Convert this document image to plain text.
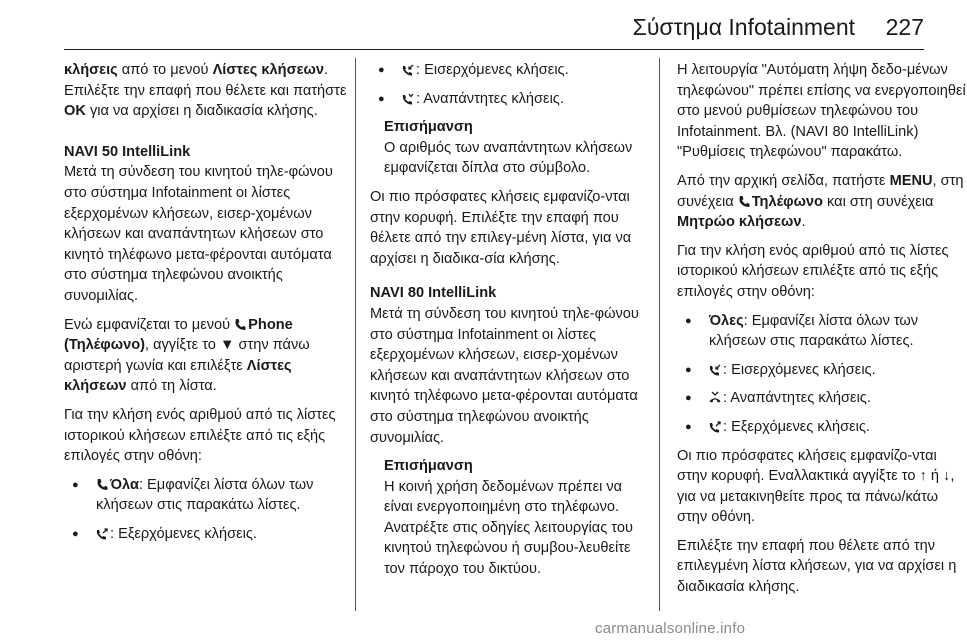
Σύστημα Infotainment 227

κλήσεις από το μενού Λίστες κλήσεων. Επιλέξτε την επαφή που θέλετε και πατήστε ΟΚ για να αρχίσει η διαδικασία κλήσης.

NAVI 50 IntelliLink

Μετά τη σύνδεση του κινητού τηλε-φώνου στο σύστημα Infotainment οι λίστες εξερχομένων κλήσεων, εισερ-χομένων κλήσεων και αναπάντητων κλήσεων στο κινητό τηλέφωνο μετα-φέρονται αυτόματα στο σύστημα τηλεφώνου ανοικτής συνομιλίας.

Ενώ εμφανίζεται το μενού Phone (Τηλέφωνο), αγγίξτε το ▼ στην πάνω αριστερή γωνία και επιλέξτε Λίστες κλήσεων από τη λίστα.

Για την κλήση ενός αριθμού από τις λίστες ιστορικού κλήσεων επιλέξτε από τις εξής επιλογές στην οθόνη:

● Όλα: Εμφανίζει λίστα όλων των κλήσεων στις παρακάτω λίστες.
● : Εξερχόμενες κλήσεις.
● : Εισερχόμενες κλήσεις.
● : Αναπάντητες κλήσεις.

Επισήμανση

Ο αριθμός των αναπάντητων κλήσεων εμφανίζεται δίπλα στο σύμβολο.

Οι πιο πρόσφατες κλήσεις εμφανίζο-νται στην κορυφή. Επιλέξτε την επαφή που θέλετε από την επιλεγ-μένη λίστα, για να αρχίσει η διαδικα-σία κλήσης.

NAVI 80 IntelliLink

Μετά τη σύνδεση του κινητού τηλε-φώνου στο σύστημα Infotainment οι λίστες εξερχομένων κλήσεων, εισερ-χομένων κλήσεων και αναπάντητων κλήσεων στο κινητό τηλέφωνο μετα-φέρονται αυτόματα στο σύστημα τηλεφώνου ανοικτής συνομιλίας.

Επισήμανση

Η κοινή χρήση δεδομένων πρέπει να είναι ενεργοποιημένη στο τηλέφωνο. Ανατρέξτε στις οδηγίες λειτουργίας του κινητού τηλεφώνου ή συμβου-λευθείτε τον πάροχο του δικτύου.

Η λειτουργία "Αυτόματη λήψη δεδο-μένων τηλεφώνου" πρέπει επίσης να ενεργοποιηθεί στο μενού ρυθμίσεων τηλεφώνου του Infotainment. Βλ. (NAVI 80 IntelliLink) "Ρυθμίσεις τηλεφώνου" παρακάτω.

Από την αρχική σελίδα, πατήστε MENU, στη συνέχεια Τηλέφωνο και στη συνέχεια Μητρώο κλήσεων.

Για την κλήση ενός αριθμού από τις λίστες ιστορικού κλήσεων επιλέξτε από τις εξής επιλογές στην οθόνη:

● Όλες: Εμφανίζει λίστα όλων των κλήσεων στις παρακάτω λίστες.
● : Εισερχόμενες κλήσεις.
● : Αναπάντητες κλήσεις.
● : Εξερχόμενες κλήσεις.

Οι πιο πρόσφατες κλήσεις εμφανίζο-νται στην κορυφή. Εναλλακτικά αγγίξτε το ↑ ή ↓, για να μετακινηθείτε προς τα πάνω/κάτω στην οθόνη.

Επιλέξτε την επαφή που θέλετε από την επιλεγμένη λίστα κλήσεων, για να αρχίσει η διαδικασία κλήσης.

carmanualsonline.info
